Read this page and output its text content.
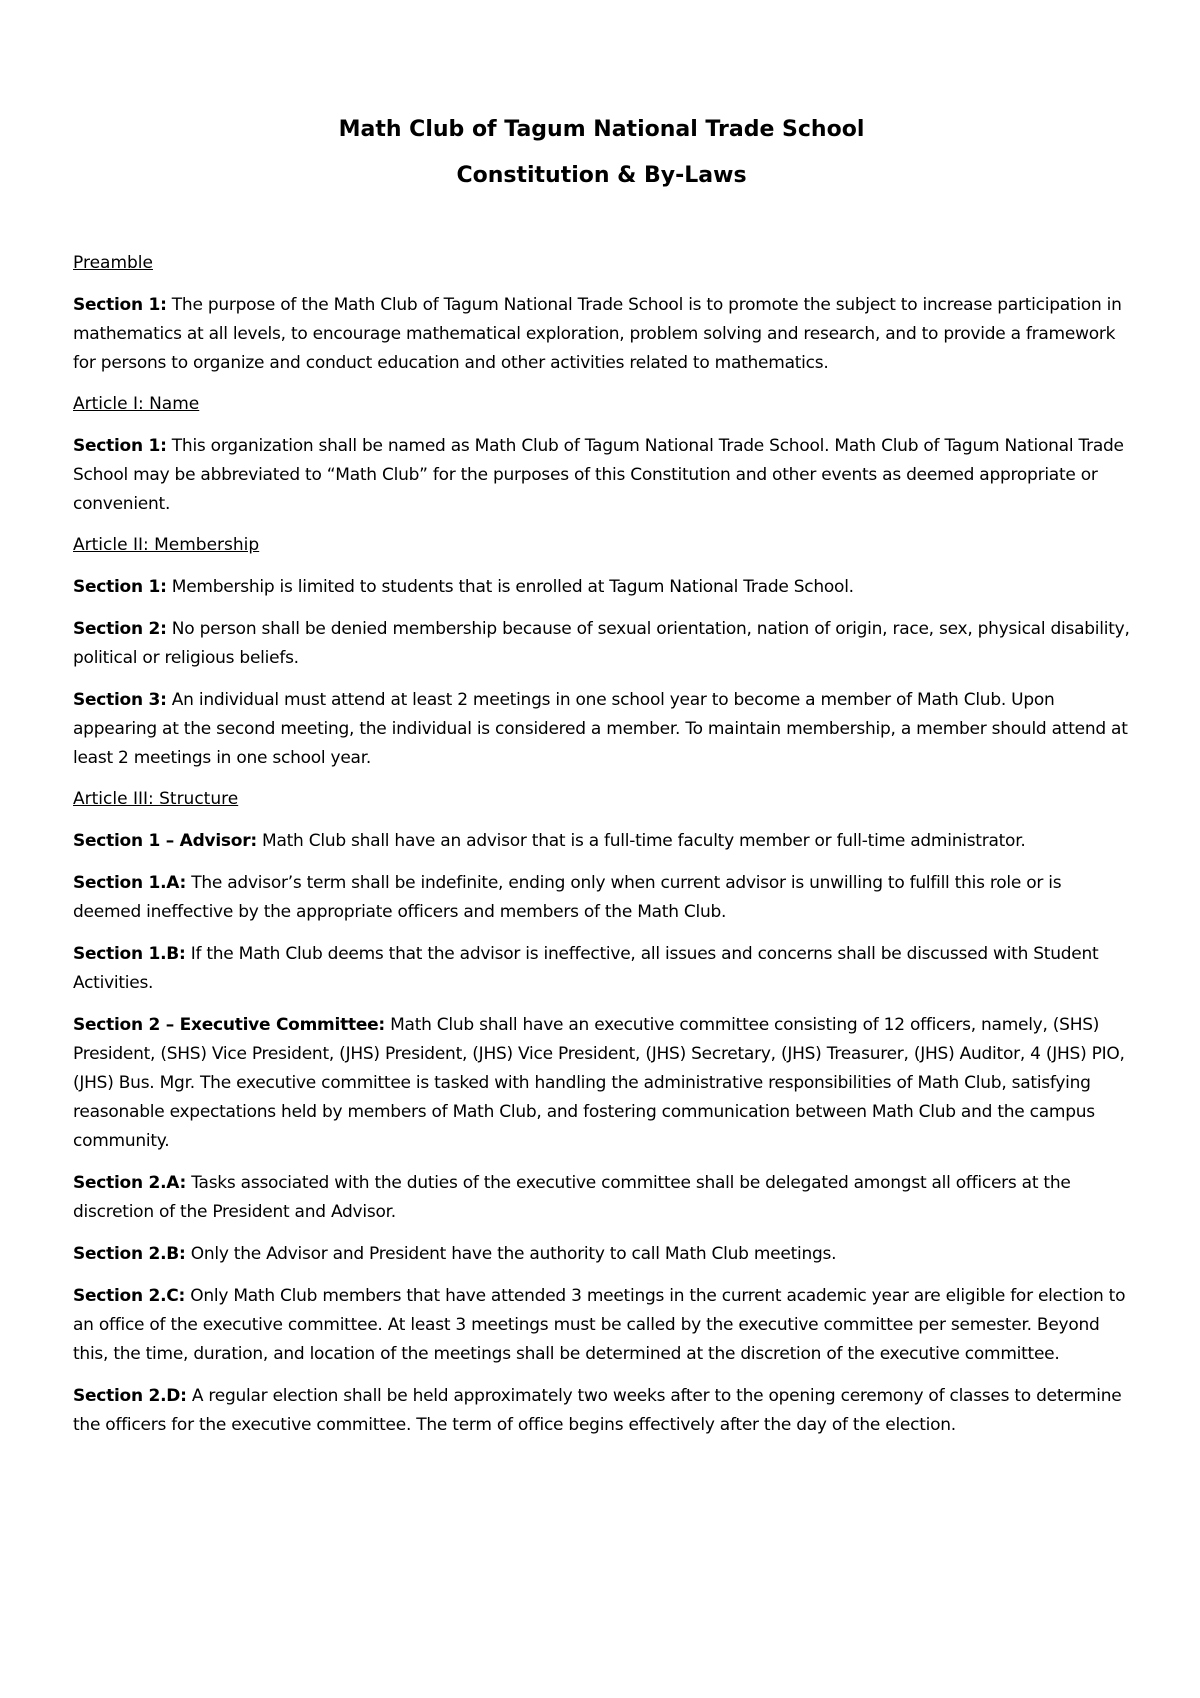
Math Club of Tagum National Trade School
Constitution & By-Laws

Preamble

Section 1: The purpose of the Math Club of Tagum National Trade School is to promote the subject to increase participation in mathematics at all levels, to encourage mathematical exploration, problem solving and research, and to provide a framework for persons to organize and conduct education and other activities related to mathematics.

Article I: Name

Section 1: This organization shall be named as Math Club of Tagum National Trade School. Math Club of Tagum National Trade School may be abbreviated to “Math Club” for the purposes of this Constitution and other events as deemed appropriate or convenient.

Article II: Membership

Section 1: Membership is limited to students that is enrolled at Tagum National Trade School.

Section 2: No person shall be denied membership because of sexual orientation, nation of origin, race, sex, physical disability, political or religious beliefs.

Section 3: An individual must attend at least 2 meetings in one school year to become a member of Math Club. Upon appearing at the second meeting, the individual is considered a member. To maintain membership, a member should attend at least 2 meetings in one school year.

Article III: Structure

Section 1 – Advisor: Math Club shall have an advisor that is a full-time faculty member or full-time administrator.

Section 1.A: The advisor’s term shall be indefinite, ending only when current advisor is unwilling to fulfill this role or is deemed ineffective by the appropriate officers and members of the Math Club.

Section 1.B: If the Math Club deems that the advisor is ineffective, all issues and concerns shall be discussed with Student Activities.

Section 2 – Executive Committee: Math Club shall have an executive committee consisting of 12 officers, namely, (SHS) President, (SHS) Vice President, (JHS) President, (JHS) Vice President, (JHS) Secretary, (JHS) Treasurer, (JHS) Auditor, 4 (JHS) PIO, (JHS) Bus. Mgr. The executive committee is tasked with handling the administrative responsibilities of Math Club, satisfying reasonable expectations held by members of Math Club, and fostering communication between Math Club and the campus community.

Section 2.A: Tasks associated with the duties of the executive committee shall be delegated amongst all officers at the discretion of the President and Advisor.

Section 2.B: Only the Advisor and President have the authority to call Math Club meetings.

Section 2.C: Only Math Club members that have attended 3 meetings in the current academic year are eligible for election to an office of the executive committee. At least 3 meetings must be called by the executive committee per semester. Beyond this, the time, duration, and location of the meetings shall be determined at the discretion of the executive committee.

Section 2.D: A regular election shall be held approximately two weeks after to the opening ceremony of classes to determine the officers for the executive committee. The term of office begins effectively after the day of the election.
